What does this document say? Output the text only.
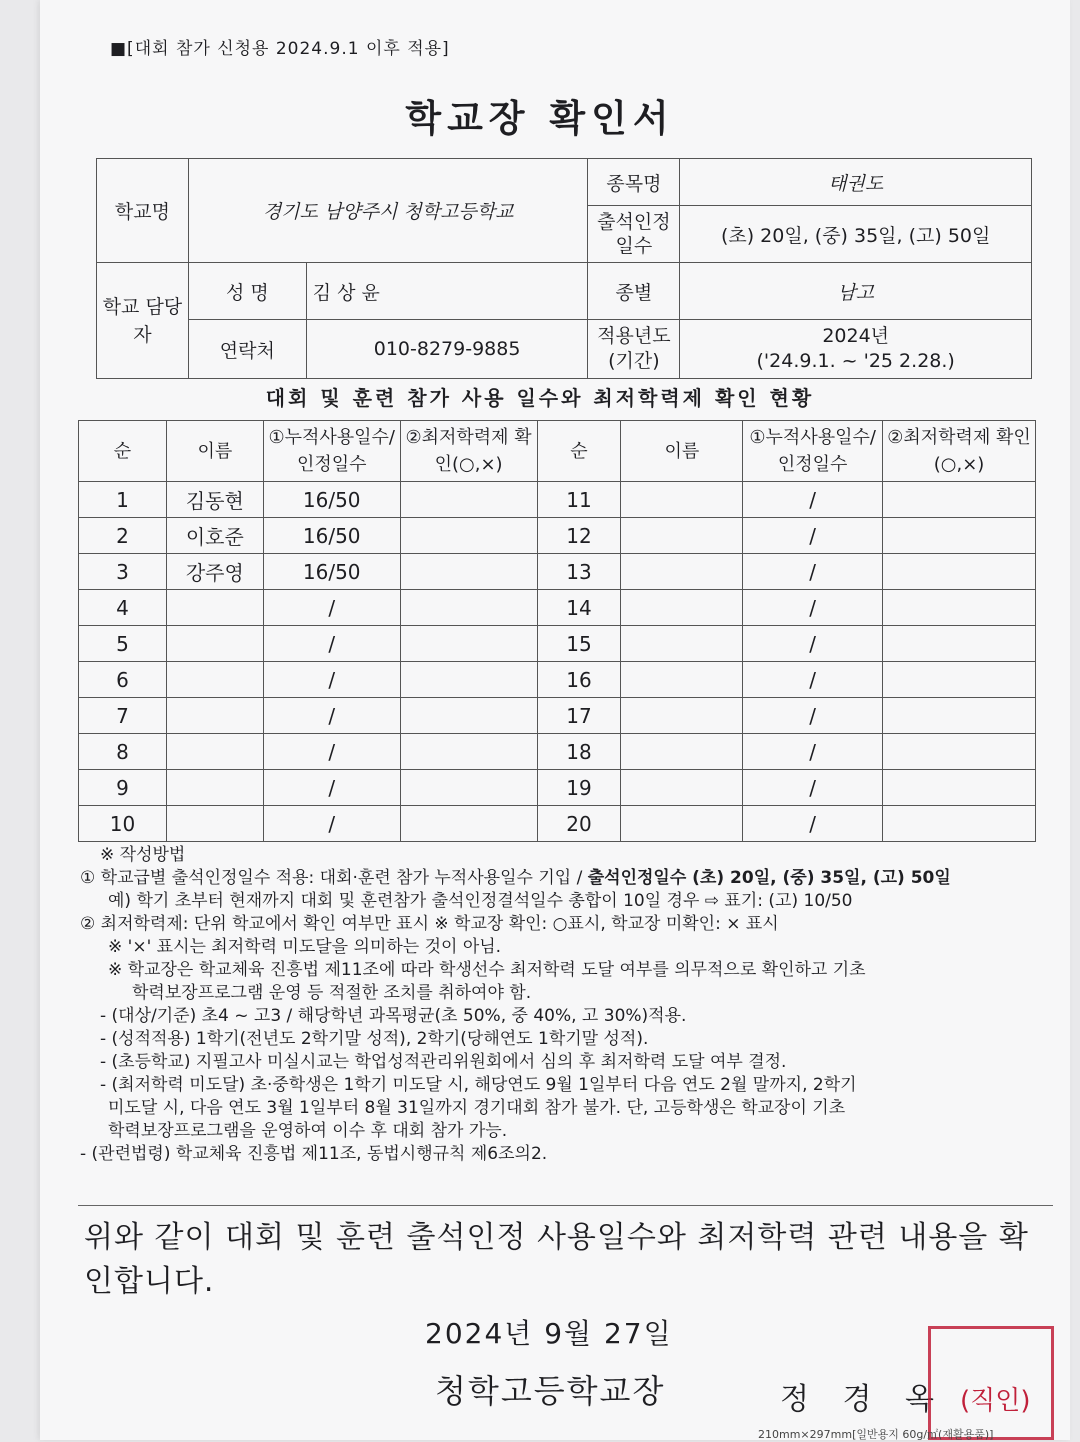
■[대회 참가 신청용 2024.9.1 이후 적용]
학교장 확인서
학교명	경기도 남양주시 청학고등학교		종목명	태권도
			출석인정 일수	(초) 20일, (중) 35일, (고) 50일
학교 담당자	성 명	김 상 윤	종별	남고
	연락처	010-8279-9885	적용년도 (기간)	2024년
('24.9.1. ~ '25 2.28.)
대회 및 훈련 참가 사용 일수와 최저학력제 확인 현황
순	이름	①누적사용일수/인정일수	②최저학력제 확인(○,×)	순	이름	①누적사용일수/인정일수	②최저학력제 확인(○,×)
1	김동현	16/50		11		/	
2	이호준	16/50		12		/	
3	강주영	16/50		13		/	
4		/		14		/	
5		/		15		/	
6		/		16		/	
7		/		17		/	
8		/		18		/	
9		/		19		/	
10		/		20		/	

※ 작성방법

① 학교급별 출석인정일수 적용: 대회·훈련 참가 누적사용일수 기입 / 출석인정일수 (초) 20일, (중) 35일, (고) 50일

예) 학기 초부터 현재까지 대회 및 훈련참가 출석인정결석일수 총합이 10일 경우 ⇨ 표기: (고) 10/50

② 최저학력제: 단위 학교에서 확인 여부만 표시 ※ 학교장 확인: ○표시, 학교장 미확인: × 표시

※ '×' 표시는 최저학력 미도달을 의미하는 것이 아님.

※ 학교장은 학교체육 진흥법 제11조에 따라 학생선수 최저학력 도달 여부를 의무적으로 확인하고 기초

학력보장프로그램 운영 등 적절한 조치를 취하여야 함.

- (대상/기준) 초4 ~ 고3 / 해당학년 과목평균(초 50%, 중 40%, 고 30%)적용.

- (성적적용) 1학기(전년도 2학기말 성적), 2학기(당해연도 1학기말 성적).

- (초등학교) 지필고사 미실시교는 학업성적관리위원회에서 심의 후 최저학력 도달 여부 결정.

- (최저학력 미도달) 초·중학생은 1학기 미도달 시, 해당연도 9월 1일부터 다음 연도 2월 말까지, 2학기

미도달 시, 다음 연도 3월 1일부터 8월 31일까지 경기대회 참가 불가. 단, 고등학생은 학교장이 기초

학력보장프로그램을 운영하여 이수 후 대회 참가 가능.

- (관련법령) 학교체육 진흥법 제11조, 동법시행규칙 제6조의2.

위와 같이 대회 및 훈련 출석인정 사용일수와 최저학력 관련 내용을 확인합니다.
2024년 9월 27일
청학고등학교장	정 경 옥 (직인)
210mm×297mm[일반용지 60g/㎡(재활용품)]
